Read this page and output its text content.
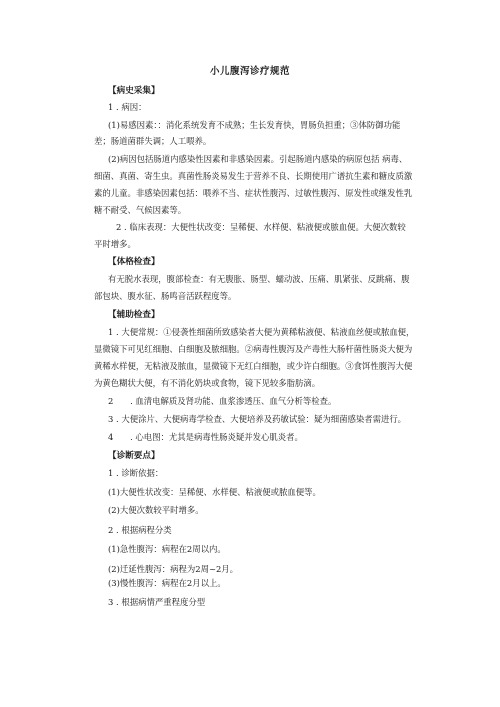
小儿腹泻诊疗规范
【病史采集】
1 . 病因：
(1)易感因素：：消化系统发育不成熟；生长发育快，胃肠负担重；③体防御功能
差；肠道菌群失调；人工喂养。
(2)病因包括肠道内感染性因素和非感染因素。引起肠道内感染的病原包括 病毒、
细菌、真菌、寄生虫。真菌性肠炎易发生于营养不良、长期使用广谱抗生素和糖皮质激
素的儿童。非感染因素包括：喂养不当、症状性腹泻、过敏性腹泻、原发性或继发性乳
糖不耐受、气候因素等。
2 . 临床表现：大便性状改变：呈稀便、水样便、粘液便或脓血便。大便次数较
平时增多。
【体格检查】
有无脱水表现，腹部检查：有无腹胀、肠型、蠕动波、压痛、肌紧张、反跳痛、腹
部包块、腹水征、肠鸣音活跃程度等。
【辅助检查】
1 . 大便常规：①侵袭性细菌所致感染者大便为黄稀粘液便、粘液血丝便或脓血便，
显微镜下可见红细胞、白细胞及脓细胞。②病毒性腹泻及产毒性大肠杆菌性肠炎大便为
黄稀水样便，无粘液及脓血，显微镜下无红白细胞，或少许白细胞。③食饵性腹泻大便
为黄色糊状大便，有不消化奶块或食物，镜下见较多脂肪滴。
2　　. 血清电解质及肾功能、血浆渗透压、血气分析等检查。
3 . 大便涂片、大便病毒学检查、大便培养及药敏试验：疑为细菌感染者需进行。
4　　. 心电图：尤其是病毒性肠炎疑并发心肌炎者。
【诊断要点】
1 . 诊断依据：
(1)大便性状改变：呈稀便、水样便、粘液便或脓血便等。
(2)大便次数较平时增多。
2 . 根据病程分类
(1)急性腹泻：病程在2周以内。
(2)迁延性腹泻：病程为2周~2月。
(3)慢性腹泻：病程在2月以上。
3 . 根据病情严重程度分型
